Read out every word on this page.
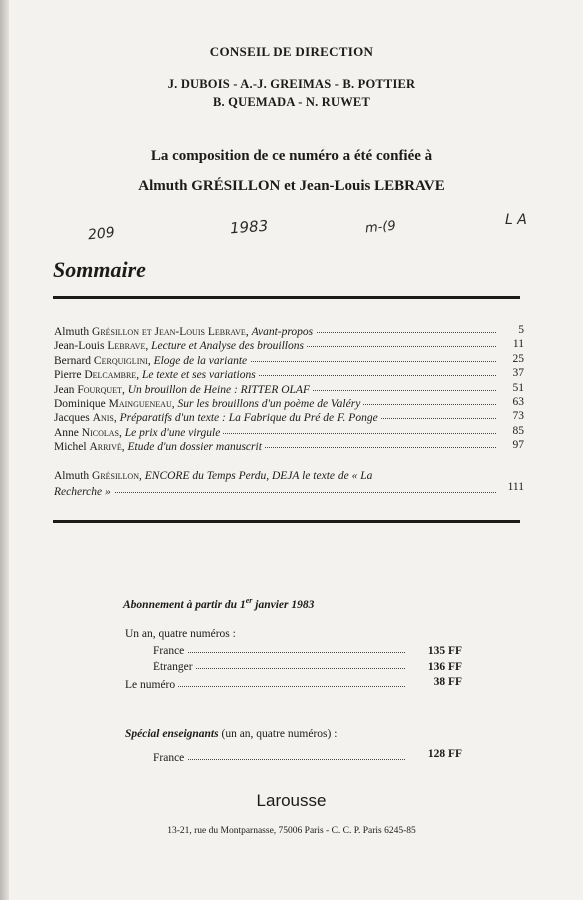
CONSEIL DE DIRECTION
J. DUBOIS - A.-J. GREIMAS - B. POTTIER
B. QUEMADA - N. RUWET
La composition de ce numéro a été confiée à
Almuth GRÉSILLON et Jean-Louis LEBRAVE
209	1983	m-(9	L A
Sommaire
Almuth Grésillon et Jean-Louis Lebrave, Avant-propos	5
Jean-Louis Lebrave, Lecture et Analyse des brouillons	11
Bernard Cerquiglini, Eloge de la variante	25
Pierre Delcambre, Le texte et ses variations	37
Jean Fourquet, Un brouillon de Heine : RITTER OLAF	51
Dominique Maingueneau, Sur les brouillons d'un poème de Valéry	63
Jacques Anis, Préparatifs d'un texte : La Fabrique du Pré de F. Ponge	73
Anne Nicolas, Le prix d'une virgule	85
Michel Arrivé, Etude d'un dossier manuscrit	97
Almuth Grésillon, ENCORE du Temps Perdu, DEJA le texte de « La
Recherche »	111
Abonnement à partir du 1er janvier 1983
Un an, quatre numéros :
France	135 FF
Étranger	136 FF
Le numéro	38 FF
Spécial enseignants (un an, quatre numéros) :
France	128 FF
Larousse
13-21, rue du Montparnasse, 75006 Paris - C. C. P. Paris 6245-85
